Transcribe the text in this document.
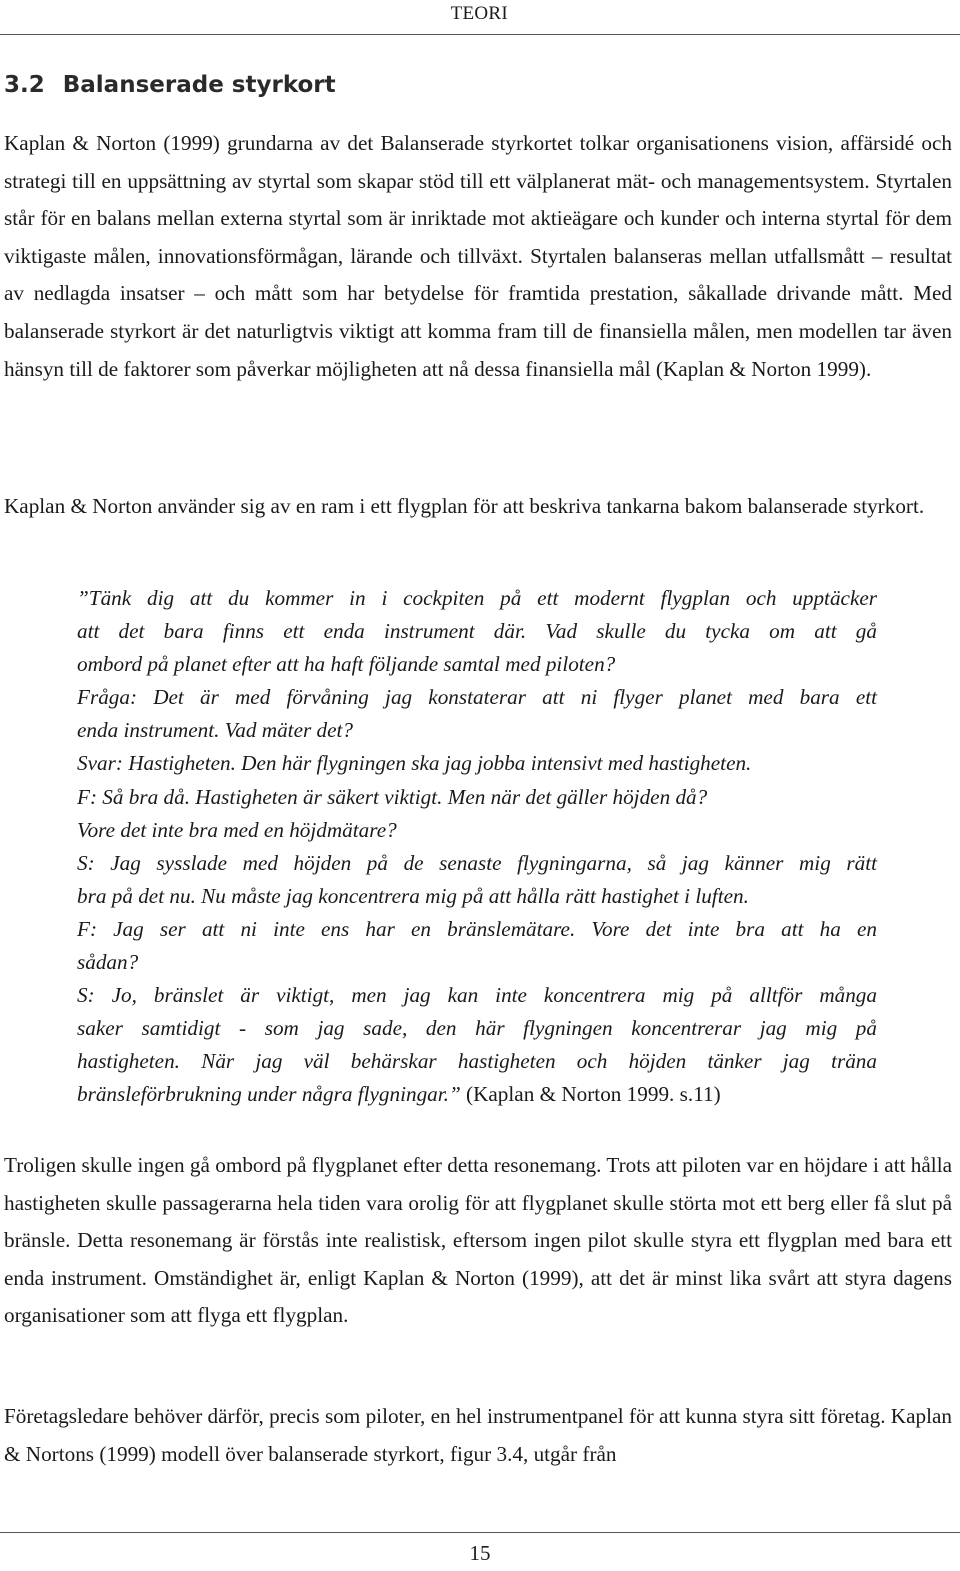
TEORI
3.2 Balanserade styrkort

Kaplan & Norton (1999) grundarna av det Balanserade styrkortet tolkar organisationens vision, affärsidé och strategi till en uppsättning av styrtal som skapar stöd till ett välplanerat mät- och managementsystem. Styrtalen står för en balans mellan externa styrtal som är inriktade mot aktieägare och kunder och interna styrtal för dem viktigaste målen, innovationsförmågan, lärande och tillväxt. Styrtalen balanseras mellan utfallsmått – resultat av nedlagda insatser – och mått som har betydelse för framtida prestation, såkallade drivande mått. Med balanserade styrkort är det naturligtvis viktigt att komma fram till de finansiella målen, men modellen tar även hänsyn till de faktorer som påverkar möjligheten att nå dessa finansiella mål (Kaplan & Norton 1999).

Kaplan & Norton använder sig av en ram i ett flygplan för att beskriva tankarna bakom balanserade styrkort.

”Tänk dig att du kommer in i cockpiten på ett modernt flygplan och upptäcker
att det bara finns ett enda instrument där. Vad skulle du tycka om att gå
ombord på planet efter att ha haft följande samtal med piloten?
Fråga: Det är med förvåning jag konstaterar att ni flyger planet med bara ett
enda instrument. Vad mäter det?
Svar: Hastigheten. Den här flygningen ska jag jobba intensivt med hastigheten.
F: Så bra då. Hastigheten är säkert viktigt. Men när det gäller höjden då?
Vore det inte bra med en höjdmätare?
S: Jag sysslade med höjden på de senaste flygningarna, så jag känner mig rätt
bra på det nu. Nu måste jag koncentrera mig på att hålla rätt hastighet i luften.
F: Jag ser att ni inte ens har en bränslemätare. Vore det inte bra att ha en
sådan?
S: Jo, bränslet är viktigt, men jag kan inte koncentrera mig på alltför många
saker samtidigt - som jag sade, den här flygningen koncentrerar jag mig på
hastigheten. När jag väl behärskar hastigheten och höjden tänker jag träna
bränsleförbrukning under några flygningar.” (Kaplan & Norton 1999. s.11)

Troligen skulle ingen gå ombord på flygplanet efter detta resonemang. Trots att piloten var en höjdare i att hålla hastigheten skulle passagerarna hela tiden vara orolig för att flygplanet skulle störta mot ett berg eller få slut på bränsle. Detta resonemang är förstås inte realistisk, eftersom ingen pilot skulle styra ett flygplan med bara ett enda instrument. Omständighet är, enligt Kaplan & Norton (1999), att det är minst lika svårt att styra dagens organisationer som att flyga ett flygplan.

Företagsledare behöver därför, precis som piloter, en hel instrumentpanel för att kunna styra sitt företag. Kaplan & Nortons (1999) modell över balanserade styrkort, figur 3.4, utgår från

15
